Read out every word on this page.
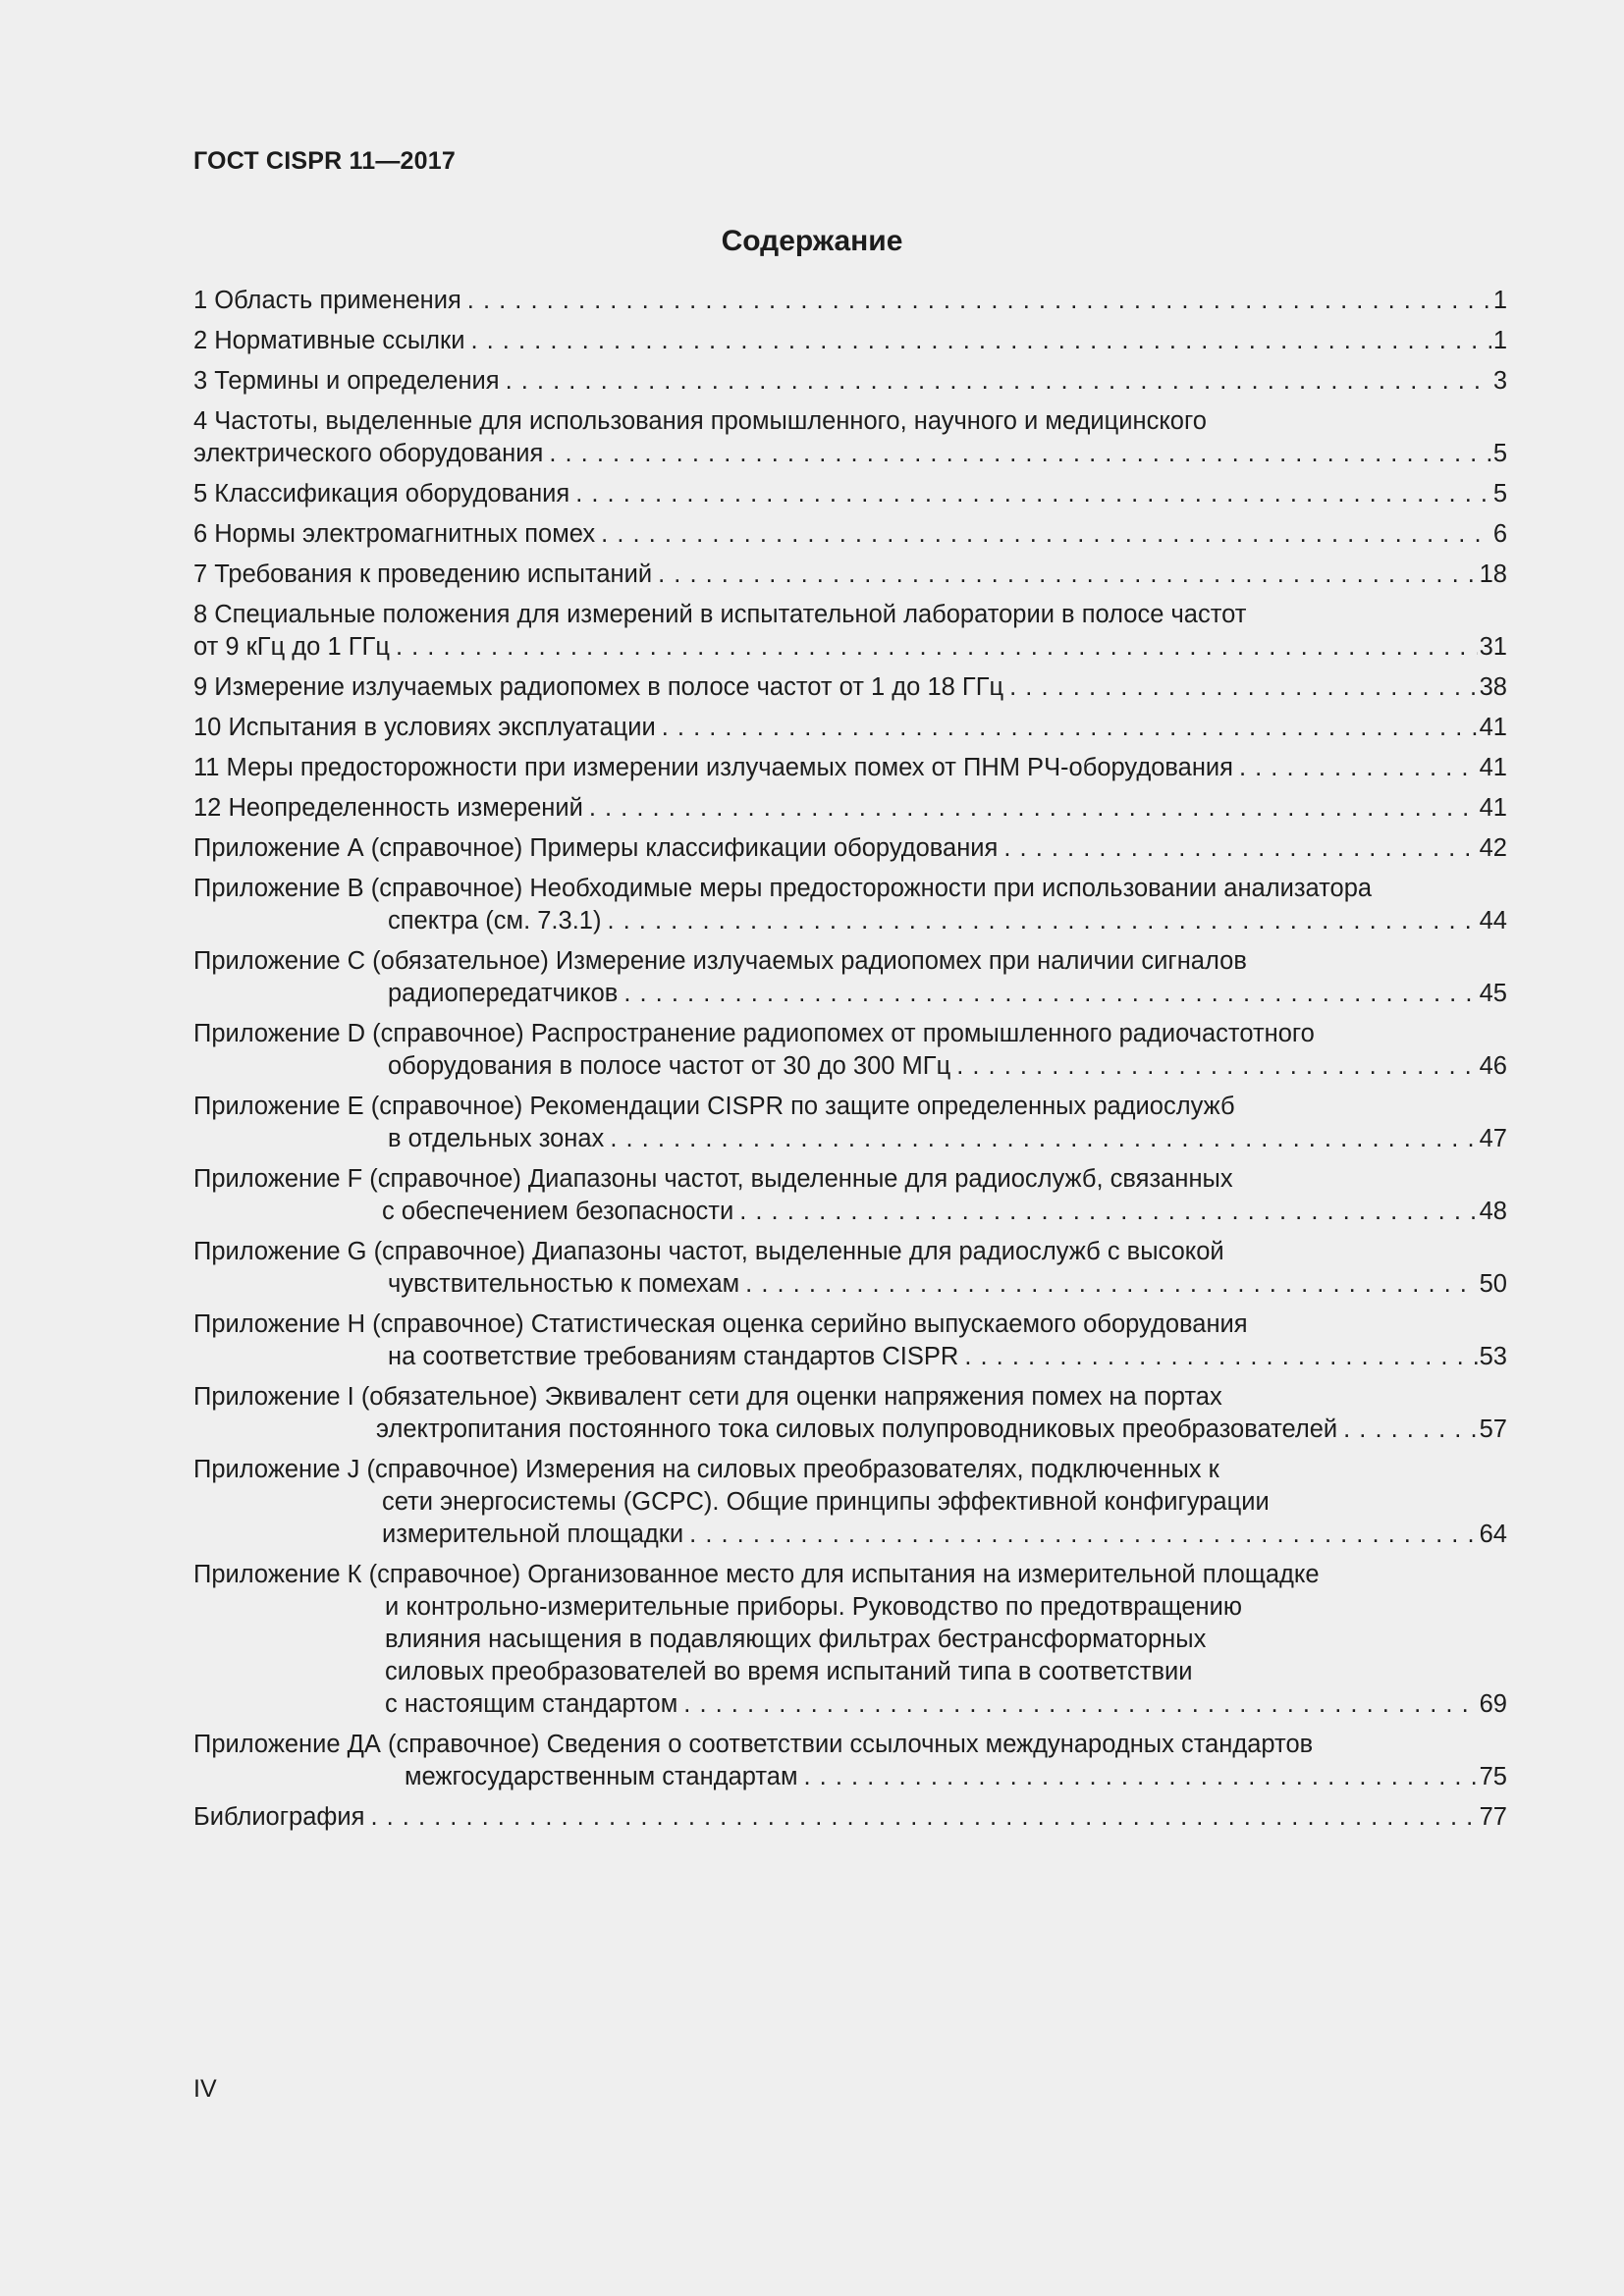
ГОСТ CISPR 11—2017

Содержание
1 Область применения . . .	1
2 Нормативные ссылки . . .	1
3 Термины и определения . . .	3
4 Частоты, выделенные для использования промышленного, научного и медицинского
электрического оборудования . . .	5
5 Классификация оборудования . . .	5
6 Нормы электромагнитных помех . . .	6
7 Требования к проведению испытаний . . .	18
8 Специальные положения для измерений в испытательной лаборатории в полосе частот
от 9 кГц до 1 ГГц . . .	31
9 Измерение излучаемых радиопомех в полосе частот от 1 до 18 ГГц . . .	38
10 Испытания в условиях эксплуатации . . .	41
11 Меры предосторожности при измерении излучаемых помех от ПНМ РЧ-оборудования . . .	41
12 Неопределенность измерений . . .	41
Приложение А (справочное) Примеры классификации оборудования . . .	42
Приложение В (справочное) Необходимые меры предосторожности при использовании анализатора
спектра (см. 7.3.1) . . .	44
Приложение С (обязательное) Измерение излучаемых радиопомех при наличии сигналов
радиопередатчиков . . .	45
Приложение D (справочное) Распространение радиопомех от промышленного радиочастотного
оборудования в полосе частот от 30 до 300 МГц . . .	46
Приложение Е (справочное) Рекомендации CISPR по защите определенных радиослужб
в отдельных зонах . . .	47
Приложение F (справочное) Диапазоны частот, выделенные для радиослужб, связанных
с обеспечением безопасности . . .	48
Приложение G (справочное) Диапазоны частот, выделенные для радиослужб с высокой
чувствительностью к помехам . . .	50
Приложение Н (справочное) Статистическая оценка серийно выпускаемого оборудования
на соответствие требованиям стандартов CISPR . . .	53
Приложение I (обязательное) Эквивалент сети для оценки напряжения помех на портах
электропитания постоянного тока силовых полупроводниковых преобразователей . . .	57
Приложение J (справочное) Измерения на силовых преобразователях, подключенных к
сети энергосистемы (GCPC). Общие принципы эффективной конфигурации
измерительной площадки . . .	64
Приложение К (справочное) Организованное место для испытания на измерительной площадке
и контрольно-измерительные приборы. Руководство по предотвращению
влияния насыщения в подавляющих фильтрах бестрансформаторных
силовых преобразователей во время испытаний типа в соответствии
с настоящим стандартом . . .	69
Приложение ДА (справочное) Сведения о соответствии ссылочных международных стандартов
межгосударственным стандартам . . .	75
Библиография . . .	77

IV
